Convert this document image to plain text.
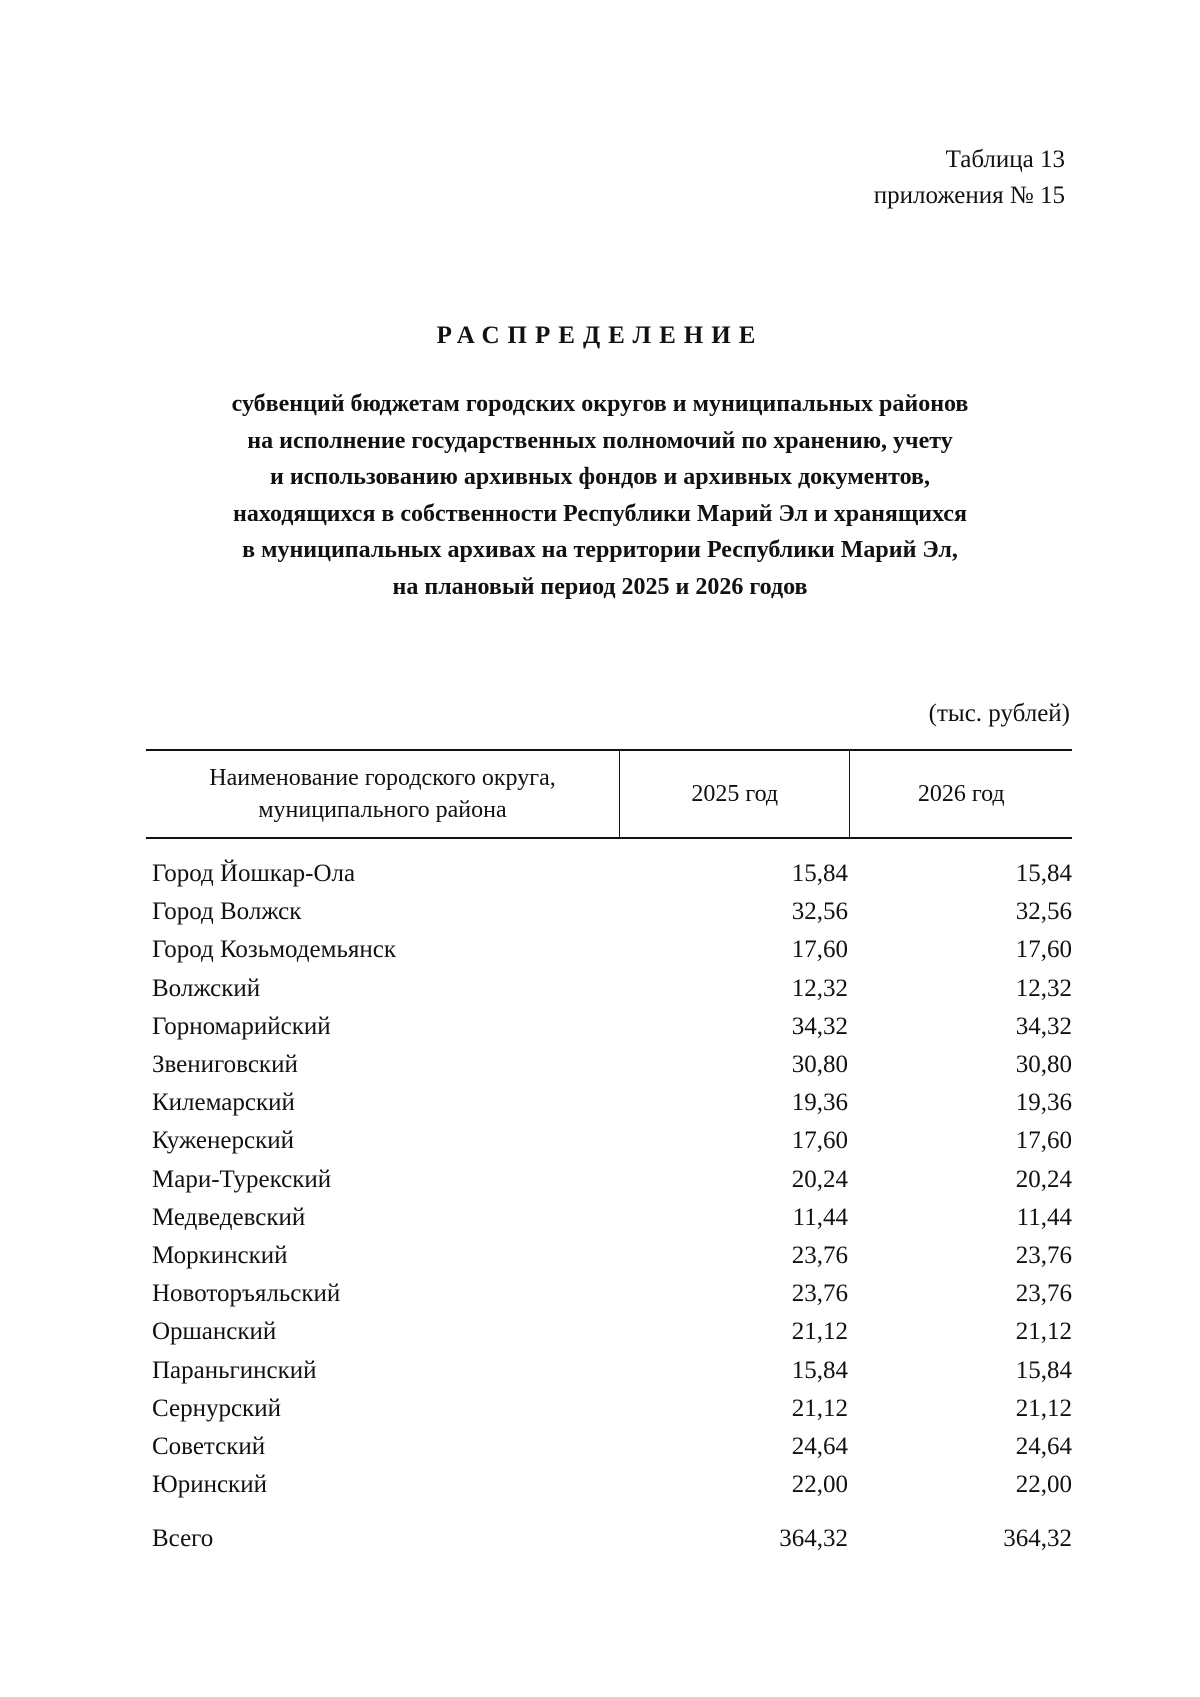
Таблица 13
приложения № 15
РАСПРЕДЕЛЕНИЕ
субвенций бюджетам городских округов и муниципальных районов
на исполнение государственных полномочий по хранению, учету
и использованию архивных фондов и архивных документов,
находящихся в собственности Республики Марий Эл и хранящихся
в муниципальных архивах на территории Республики Марий Эл,
на плановый период 2025 и 2026 годов
(тыс. рублей)
Наименование городского округа,
муниципального района
2025 год	2026 год
Город Йошкар-Ола	15,84	15,84
Город Волжск	32,56	32,56
Город Козьмодемьянск	17,60	17,60
Волжский	12,32	12,32
Горномарийский	34,32	34,32
Звениговский	30,80	30,80
Килемарский	19,36	19,36
Куженерский	17,60	17,60
Мари-Турекский	20,24	20,24
Медведевский	11,44	11,44
Моркинский	23,76	23,76
Новоторъяльский	23,76	23,76
Оршанский	21,12	21,12
Параньгинский	15,84	15,84
Сернурский	21,12	21,12
Советский	24,64	24,64
Юринский	22,00	22,00
Всего	364,32	364,32
